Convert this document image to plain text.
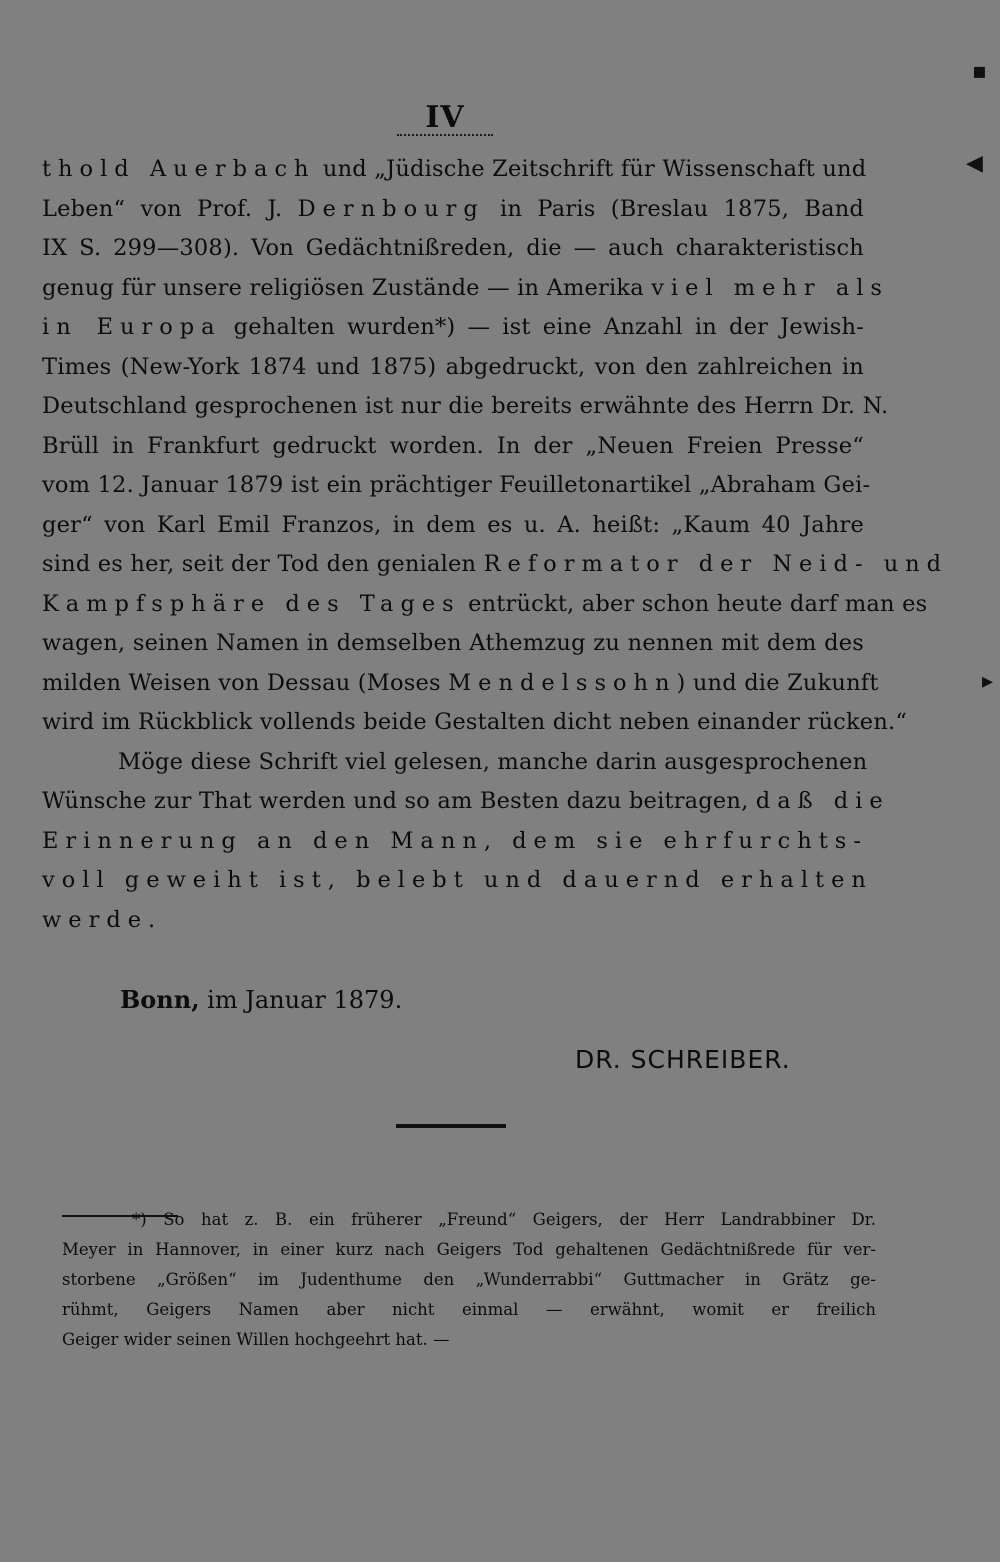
IV
thold Auerbach und „Jüdische Zeitschrift für Wissenschaft und
Leben“ von Prof. J. Dernbourg in Paris (Breslau 1875, Band
IX S. 299—308). Von Gedächtnißreden, die — auch charakteristisch
genug für unsere religiösen Zustände — in Amerika viel mehr als
in Europa gehalten wurden*) — ist eine Anzahl in der Jewish-
Times (New-York 1874 und 1875) abgedruckt, von den zahlreichen in
Deutschland gesprochenen ist nur die bereits erwähnte des Herrn Dr. N.
Brüll in Frankfurt gedruckt worden. In der „Neuen Freien Presse“
vom 12. Januar 1879 ist ein prächtiger Feuilletonartikel „Abraham Gei-
ger“ von Karl Emil Franzos, in dem es u. A. heißt: „Kaum 40 Jahre
sind es her, seit der Tod den genialen Reformator der Neid- und
Kampfsphäre des Tages entrückt, aber schon heute darf man es
wagen, seinen Namen in demselben Athemzug zu nennen mit dem des
milden Weisen von Dessau (Moses Mendelssohn) und die Zukunft
wird im Rückblick vollends beide Gestalten dicht neben einander rücken.“
Möge diese Schrift viel gelesen, manche darin ausgesprochenen
Wünsche zur That werden und so am Besten dazu beitragen, daß die
Erinnerung an den Mann, dem sie ehrfurchts-
voll geweiht ist, belebt und dauernd erhalten
werde.
Bonn, im Januar 1879.
DR. SCHREIBER.
*) So hat z. B. ein früherer „Freund“ Geigers, der Herr Landrabbiner Dr.
Meyer in Hannover, in einer kurz nach Geigers Tod gehaltenen Gedächtnißrede für ver-
storbene „Größen“ im Judenthume den „Wunderrabbi“ Guttmacher in Grätz ge-
rühmt, Geigers Namen aber nicht einmal — erwähnt, womit er freilich
Geiger wider seinen Willen hochgeehrt hat. —
▪
◀
▸
